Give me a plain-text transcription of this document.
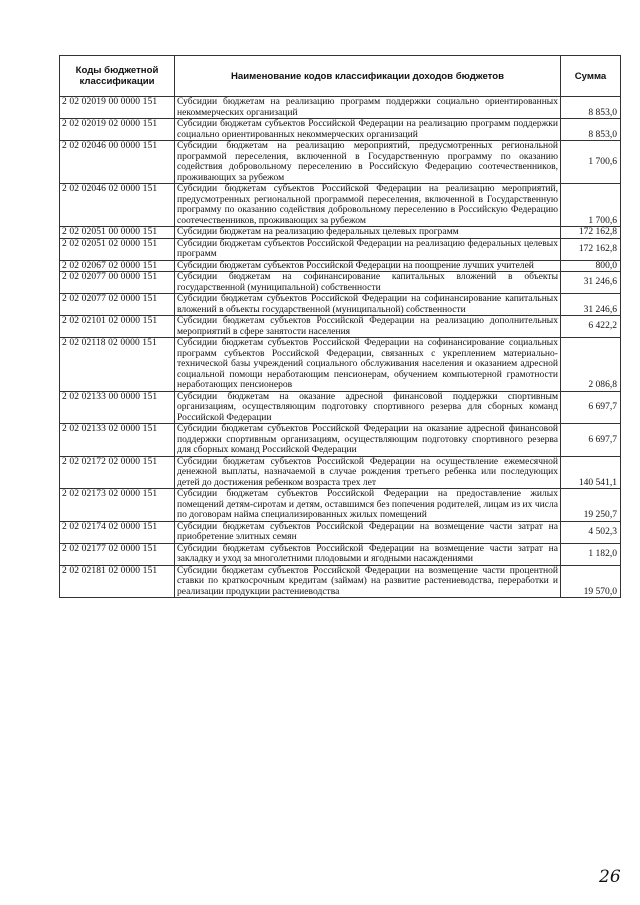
Коды бюджетной классификации	Наименование кодов классификации доходов бюджетов	Сумма
2 02 02019 00 0000 151	Субсидии бюджетам на реализацию программ поддержки социально ориентированных некоммерческих организаций	8 853,0
2 02 02019 02 0000 151	Субсидии бюджетам субъектов Российской Федерации на реализацию программ поддержки социально ориентированных некоммерческих организаций	8 853,0
2 02 02046 00 0000 151	Субсидии бюджетам на реализацию мероприятий, предусмотренных региональной программой переселения, включенной в Государственную программу по оказанию содействия добровольному переселению в Российскую Федерацию соотечественников, проживающих за рубежом	1 700,6
2 02 02046 02 0000 151	Субсидии бюджетам субъектов Российской Федерации на реализацию мероприятий, предусмотренных региональной программой переселения, включенной в Государственную программу по оказанию содействия добровольному переселению в Российскую Федерацию соотечественников, проживающих за рубежом	1 700,6
2 02 02051 00 0000 151	Субсидии бюджетам на реализацию федеральных целевых программ	172 162,8
2 02 02051 02 0000 151	Субсидии бюджетам субъектов Российской Федерации на реализацию федеральных целевых программ	172 162,8
2 02 02067 02 0000 151	Субсидии бюджетам субъектов Российской Федерации на поощрение лучших учителей	800,0
2 02 02077 00 0000 151	Субсидии бюджетам на софинансирование капитальных вложений в объекты государственной (муниципальной) собственности	31 246,6
2 02 02077 02 0000 151	Субсидии бюджетам субъектов Российской Федерации на софинансирование капитальных вложений в объекты государственной (муниципальной) собственности	31 246,6
2 02 02101 02 0000 151	Субсидии бюджетам субъектов Российской Федерации на реализацию дополнительных мероприятий в сфере занятости населения	6 422,2
2 02 02118 02 0000 151	Субсидии бюджетам субъектов Российской Федерации на софинансирование социальных программ субъектов Российской Федерации, связанных с укреплением материально-технической базы учреждений социального обслуживания населения и оказанием адресной социальной помощи неработающим пенсионерам, обучением компьютерной грамотности неработающих пенсионеров	2 086,8
2 02 02133 00 0000 151	Субсидии бюджетам на оказание адресной финансовой поддержки спортивным организациям, осуществляющим подготовку спортивного резерва для сборных команд Российской Федерации	6 697,7
2 02 02133 02 0000 151	Субсидии бюджетам субъектов Российской Федерации на оказание адресной финансовой поддержки спортивным организациям, осуществляющим подготовку спортивного резерва для сборных команд Российской Федерации	6 697,7
2 02 02172 02 0000 151	Субсидии бюджетам субъектов Российской Федерации на осуществление ежемесячной денежной выплаты, назначаемой в случае рождения третьего ребенка или последующих детей до достижения ребенком возраста трех лет	140 541,1
2 02 02173 02 0000 151	Субсидии бюджетам субъектов Российской Федерации на предоставление жилых помещений детям-сиротам и детям, оставшимся без попечения родителей, лицам из их числа по договорам найма специализированных жилых помещений	19 250,7
2 02 02174 02 0000 151	Субсидии бюджетам субъектов Российской Федерации на возмещение части затрат на приобретение элитных семян	4 502,3
2 02 02177 02 0000 151	Субсидии бюджетам субъектов Российской Федерации на возмещение части затрат на закладку и уход за многолетними плодовыми и ягодными насаждениями	1 182,0
2 02 02181 02 0000 151	Субсидии бюджетам субъектов Российской Федерации на возмещение части процентной ставки по краткосрочным кредитам (займам) на развитие растениеводства, переработки и реализации продукции растениеводства	19 570,0
26
